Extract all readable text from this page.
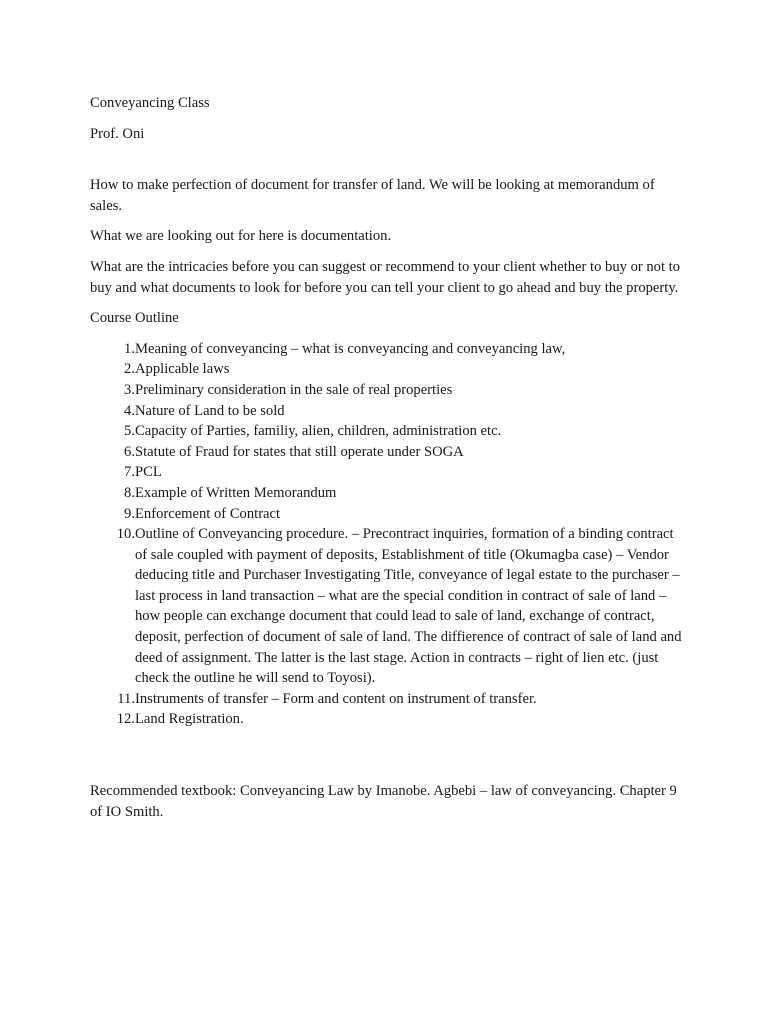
Conveyancing Class

Prof. Oni

How to make perfection of document for transfer of land. We will be looking at memorandum of sales.

What we are looking out for here is documentation.

What are the intricacies before you can suggest or recommend to your client whether to buy or not to buy and what documents to look for before you can tell your client to go ahead and buy the property.

Course Outline

1. Meaning of conveyancing – what is conveyancing and conveyancing law,
2. Applicable laws
3. Preliminary consideration in the sale of real properties
4. Nature of Land to be sold
5. Capacity of Parties, familiy, alien, children, administration etc.
6. Statute of Fraud for states that still operate under SOGA
7. PCL
8. Example of Written Memorandum
9. Enforcement of Contract
10. Outline of Conveyancing procedure. – Precontract inquiries, formation of a binding contract of sale coupled with payment of deposits, Establishment of title (Okumagba case) – Vendor deducing title and Purchaser Investigating Title, conveyance of legal estate to the purchaser – last process in land transaction – what are the special condition in contract of sale of land – how people can exchange document that could lead to sale of land, exchange of contract, deposit, perfection of document of sale of land. The diffierence of contract of sale of land and deed of assignment. The latter is the last stage. Action in contracts – right of lien etc. (just check the outline he will send to Toyosi).
11. Instruments of transfer – Form and content on instrument of transfer.
12. Land Registration.

Recommended textbook: Conveyancing Law by Imanobe. Agbebi – law of conveyancing. Chapter 9 of IO Smith.
